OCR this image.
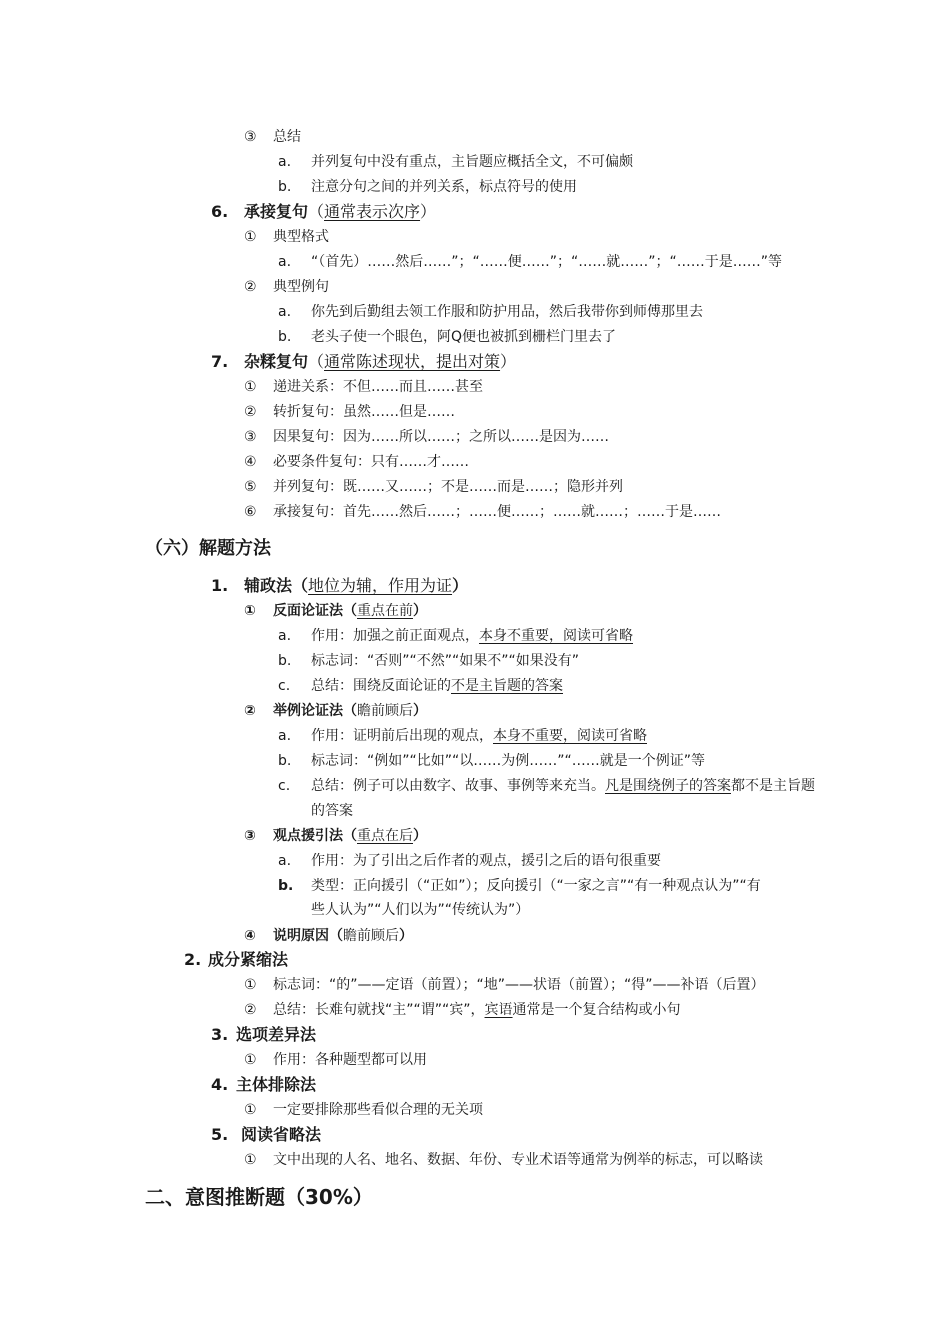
③ 总结
a. 并列复句中没有重点，主旨题应概括全文，不可偏颇
b. 注意分句之间的并列关系，标点符号的使用
6. 承接复句（通常表示次序）
① 典型格式
a. “（首先）……然后……”；“……便……”；“……就……”；“……于是……”等
② 典型例句
a. 你先到后勤组去领工作服和防护用品，然后我带你到师傅那里去
b. 老头子使一个眼色，阿Q便也被抓到栅栏门里去了
7. 杂糅复句（通常陈述现状，提出对策）
① 递进关系：不但……而且……甚至
② 转折复句：虽然……但是……
③ 因果复句：因为……所以……；之所以……是因为……
④ 必要条件复句：只有……才……
⑤ 并列复句：既……又……；不是……而是……；隐形并列
⑥ 承接复句：首先……然后……；……便……；……就……；……于是……
（六）解题方法
1. 辅政法（地位为辅，作用为证）
① 反面论证法（重点在前）
a. 作用：加强之前正面观点，本身不重要，阅读可省略
b. 标志词：“否则”“不然”“如果不”“如果没有”
c. 总结：围绕反面论证的不是主旨题的答案
② 举例论证法（瞻前顾后）
a. 作用：证明前后出现的观点，本身不重要，阅读可省略
b. 标志词：“例如”“比如”“以……为例……”“……就是一个例证”等
c. 总结：例子可以由数字、故事、事例等来充当。凡是围绕例子的答案都不是主旨题
的答案
③ 观点援引法（重点在后）
a. 作用：为了引出之后作者的观点，援引之后的语句很重要
b. 类型：正向援引（“正如”）；反向援引（“一家之言”“有一种观点认为”“有
些人认为”“人们以为”“传统认为”）
④ 说明原因（瞻前顾后）
2. 成分紧缩法
① 标志词：“的”——定语（前置）；“地”——状语（前置）；“得”——补语（后置）
② 总结：长难句就找“主”“谓”“宾”，宾语通常是一个复合结构或小句
3. 选项差异法
① 作用：各种题型都可以用
4. 主体排除法
① 一定要排除那些看似合理的无关项
5. 阅读省略法
① 文中出现的人名、地名、数据、年份、专业术语等通常为例举的标志，可以略读
二、意图推断题（30%）
